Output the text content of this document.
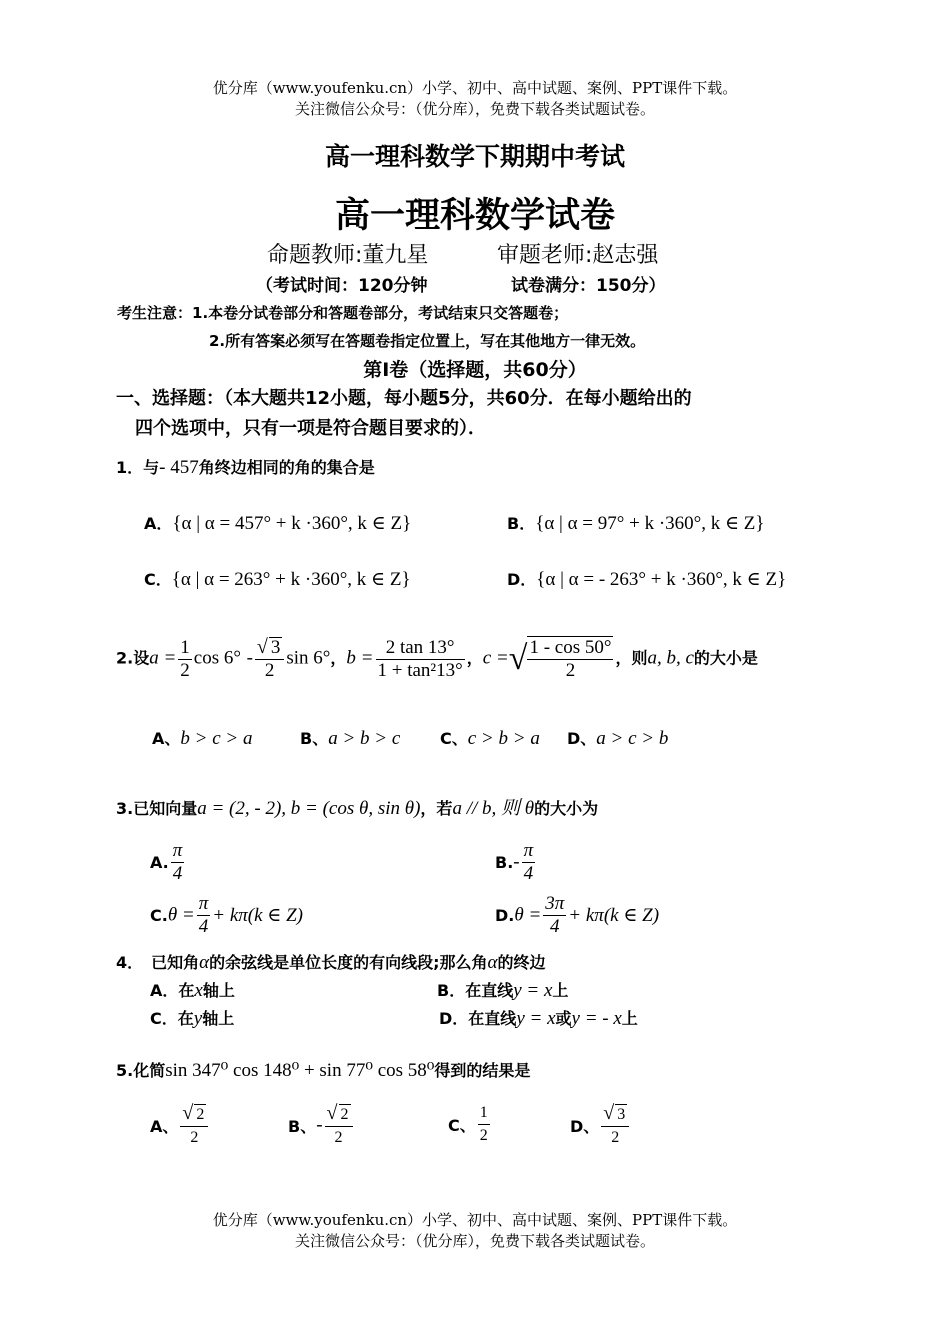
优分库（www.youfenku.cn）小学、初中、高中试题、案例、PPT课件下载。
关注微信公众号：（优分库），免费下载各类试题试卷。
高一理科数学下期期中考试
高一理科数学试卷
命题教师:董九星	审题老师:赵志强
（考试时间：120分钟	试卷满分：150分）
考生注意：1.本卷分试卷部分和答题卷部分，考试结束只交答题卷；
2.所有答案必须写在答题卷指定位置上，写在其他地方一律无效。
第Ⅰ卷（选择题，共60分）
一、选择题：（本大题共12小题，每小题5分，共60分．在每小题给出的
四个选项中，只有一项是符合题目要求的）．
1．与- 457角终边相同的角的集合是
A．{α | α = 457° + k ·360°, k ∈ Z}	B．{α | α = 97° + k ·360°, k ∈ Z}
C．{α | α = 263° + k ·360°, k ∈ Z}	D．{α | α = - 263° + k ·360°, k ∈ Z}
2.设$a = \frac{1}{2}$ $\cos 6^\circ - \frac{√ 3}{2}$ sin 6°，$b = \frac{2 \tan 13^\circ}{\text{1 + tan²13°}}$ ，c =√ $\frac{1 - \cos 50^\circ}{2}$ ，则a, b, c的大小是
A、b > c > a	B、a > b > c C、c > b > a D、a > c > b
3.已知向量a = (2, - 2), b = (cos θ, sin θ)，若a // b, 则 θ的大小为
A. $\frac{\pi}{4}$	$B.- \frac{\pi}{4}$
$C.\theta = \frac{\pi}{4} + k\pi(k$ ∈ Z)	$D.\theta = \frac{3\pi}{4} + k\pi(k$ ∈ Z)
4．　已知角α的余弦线是单位长度的有向线段;那么角α的终边
A．在x轴上	B．在直线y = x上
C．在y轴上	D．在直线y = x或y = - x上
5.化简sin 347⁰ cos 148⁰ + sin 77⁰ cos 58⁰得到的结果是
A、 $\frac{√ 2}{2}$	B、- $\frac{√ 2}{2}$	C、 $\frac{1}{2}$	D、 $\frac{√ 3}{2}$
优分库（www.youfenku.cn）小学、初中、高中试题、案例、PPT课件下载。
关注微信公众号：（优分库），免费下载各类试题试卷。
